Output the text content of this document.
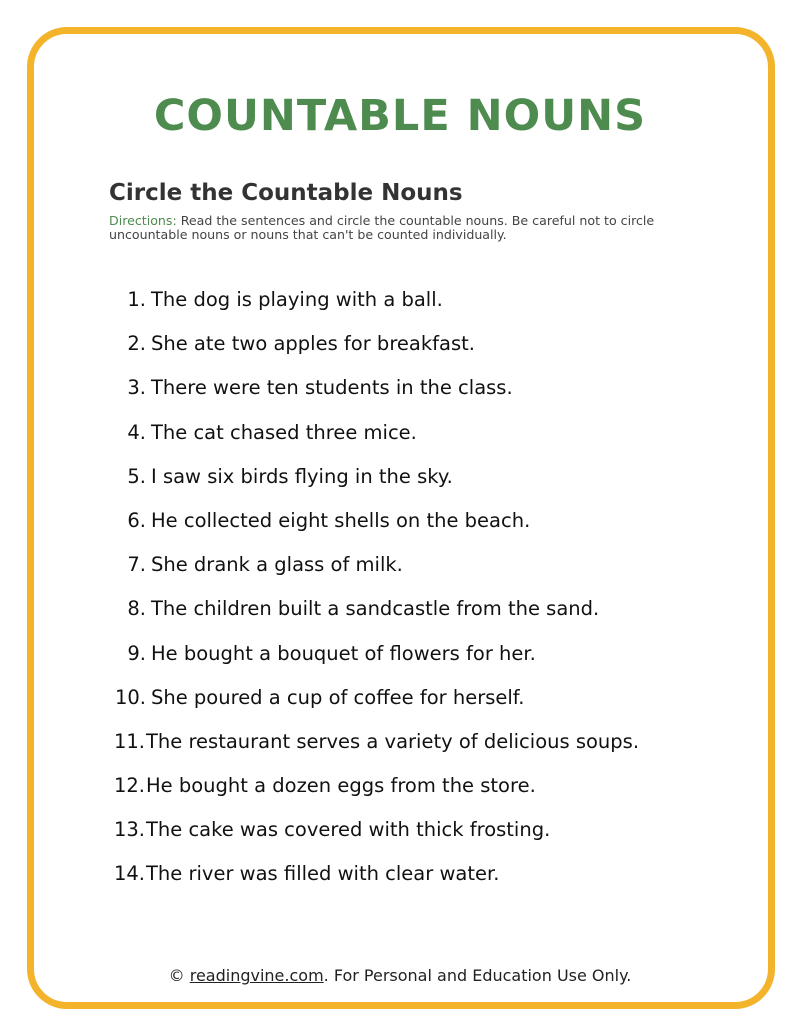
COUNTABLE NOUNS
Circle the Countable Nouns
Directions: Read the sentences and circle the countable nouns. Be careful not to circle uncountable nouns or nouns that can't be counted individually.
1. The dog is playing with a ball.
2. She ate two apples for breakfast.
3. There were ten students in the class.
4. The cat chased three mice.
5. I saw six birds flying in the sky.
6. He collected eight shells on the beach.
7. She drank a glass of milk.
8. The children built a sandcastle from the sand.
9. He bought a bouquet of flowers for her.
10. She poured a cup of coffee for herself.
11. The restaurant serves a variety of delicious soups.
12. He bought a dozen eggs from the store.
13. The cake was covered with thick frosting.
14. The river was filled with clear water.
© readingvine.com. For Personal and Education Use Only.
